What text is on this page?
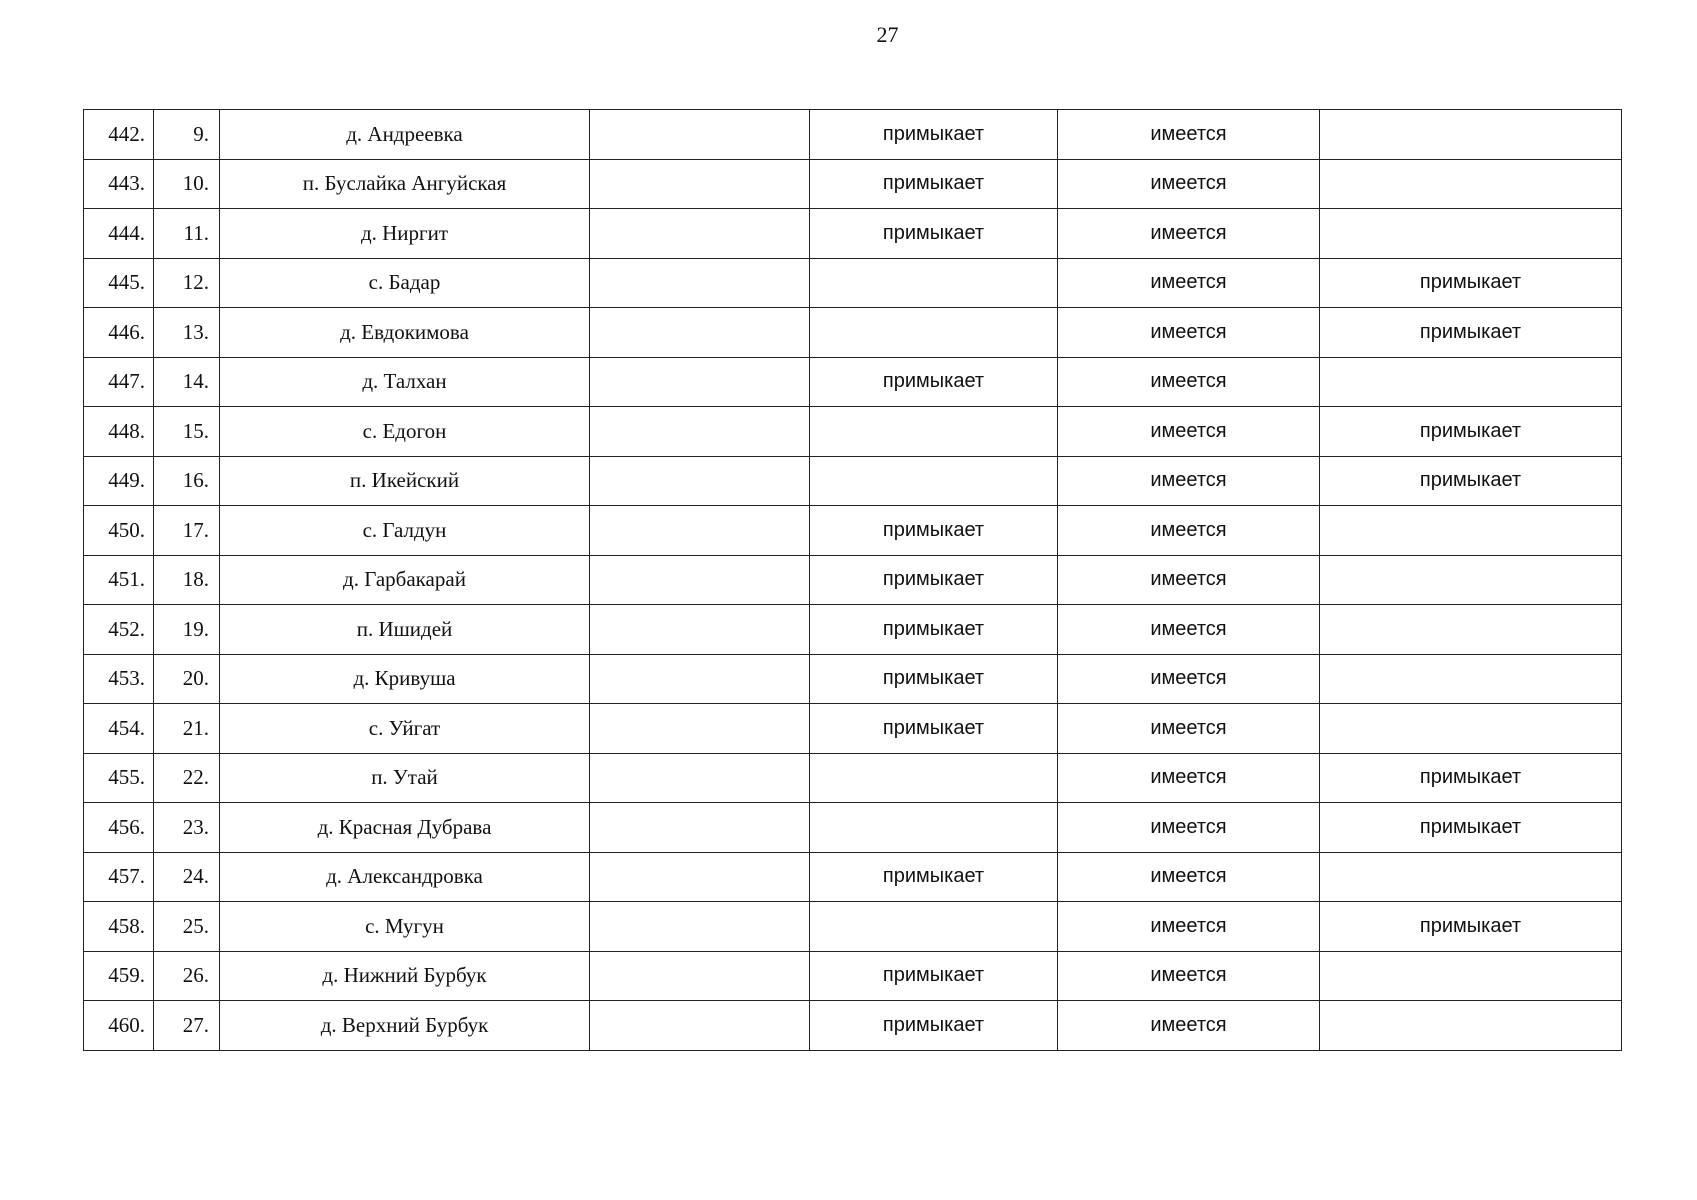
27
442.	9.	д. Андреевка		примыкает	имеется	
443.	10.	п. Буслайка Ангуйская		примыкает	имеется	
444.	11.	д. Ниргит		примыкает	имеется	
445.	12.	с. Бадар			имеется	примыкает
446.	13.	д. Евдокимова			имеется	примыкает
447.	14.	д. Талхан		примыкает	имеется	
448.	15.	с. Едогон			имеется	примыкает
449.	16.	п. Икейский			имеется	примыкает
450.	17.	с. Галдун		примыкает	имеется	
451.	18.	д. Гарбакарай		примыкает	имеется	
452.	19.	п. Ишидей		примыкает	имеется	
453.	20.	д. Кривуша		примыкает	имеется	
454.	21.	с. Уйгат		примыкает	имеется	
455.	22.	п. Утай			имеется	примыкает
456.	23.	д. Красная Дубрава			имеется	примыкает
457.	24.	д. Александровка		примыкает	имеется	
458.	25.	с. Мугун			имеется	примыкает
459.	26.	д. Нижний Бурбук		примыкает	имеется	
460.	27.	д. Верхний Бурбук		примыкает	имеется	
